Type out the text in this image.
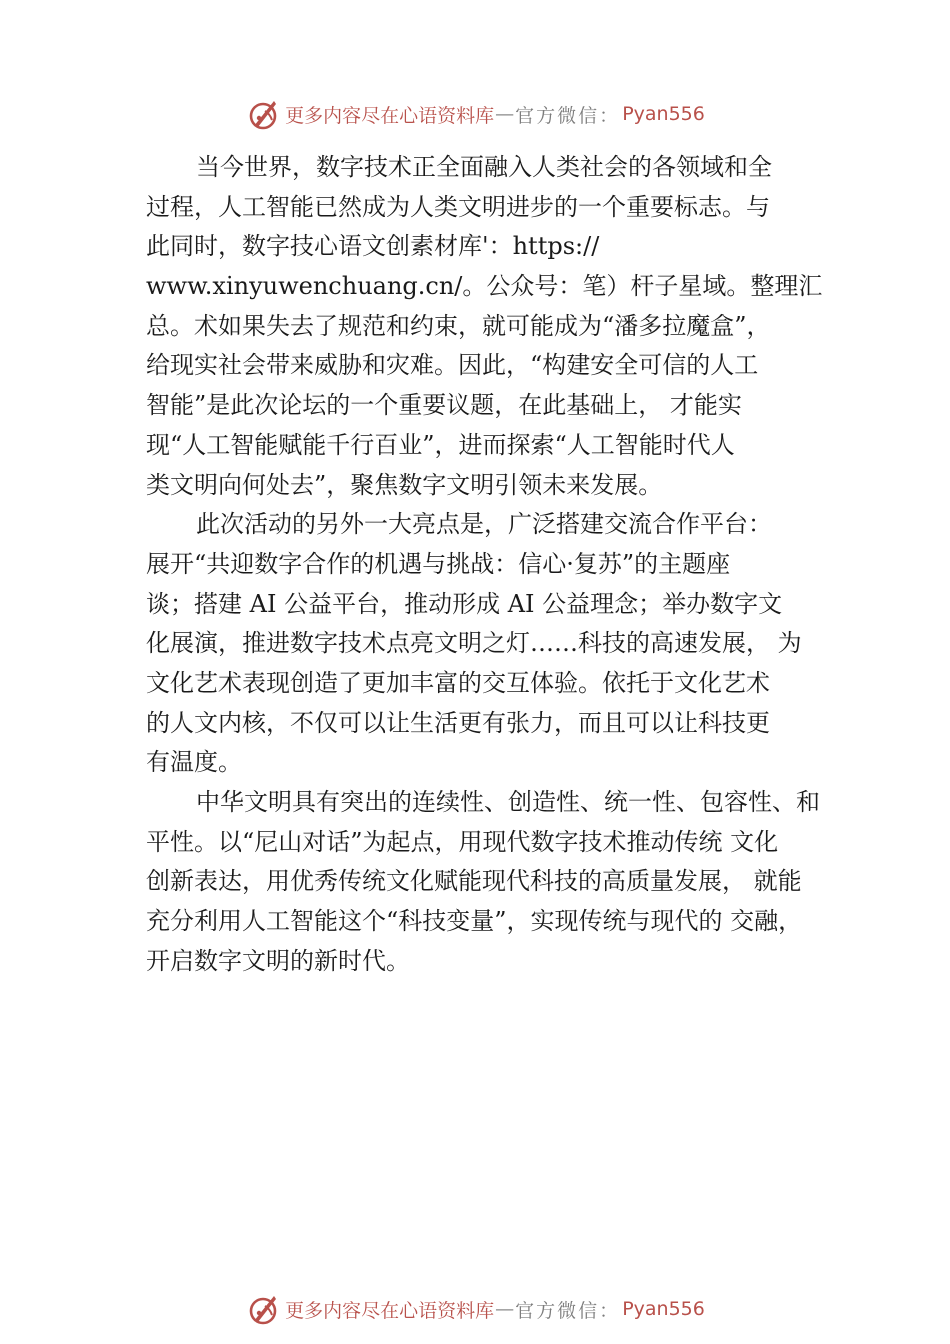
更多内容尽在心语资料库 — 官方微信： Pyan556
当今世界，数字技术正全面融入人类社会的各领域和全
过程，人工智能已然成为人类文明进步的一个重要标志。与
此同时，数字技心语文创素材库'：https://
www.xinyuwenchuang.cn/。公众号：笔）杆子星域。整理汇
总。术如果失去了规范和约束，就可能成为“潘多拉魔盒”，
给现实社会带来威胁和灾难。因此，“构建安全可信的人工
智能”是此次论坛的一个重要议题，在此基础上， 才能实
现“人工智能赋能千行百业”，进而探索“人工智能时代人
类文明向何处去”，聚焦数字文明引领未来发展。
此次活动的另外一大亮点是，广泛搭建交流合作平台：
展开“共迎数字合作的机遇与挑战：信心·复苏”的主题座
谈；搭建 AI 公益平台，推动形成 AI 公益理念；举办数字文
化展演，推进数字技术点亮文明之灯……科技的高速发展， 为
文化艺术表现创造了更加丰富的交互体验。依托于文化艺术
的人文内核，不仅可以让生活更有张力，而且可以让科技更
有温度。
中华文明具有突出的连续性、创造性、统一性、包容性、和
平性。以“尼山对话”为起点，用现代数字技术推动传统 文化
创新表达，用优秀传统文化赋能现代科技的高质量发展， 就能
充分利用人工智能这个“科技变量”，实现传统与现代的 交融，
开启数字文明的新时代。
更多内容尽在心语资料库 — 官方微信： Pyan556
